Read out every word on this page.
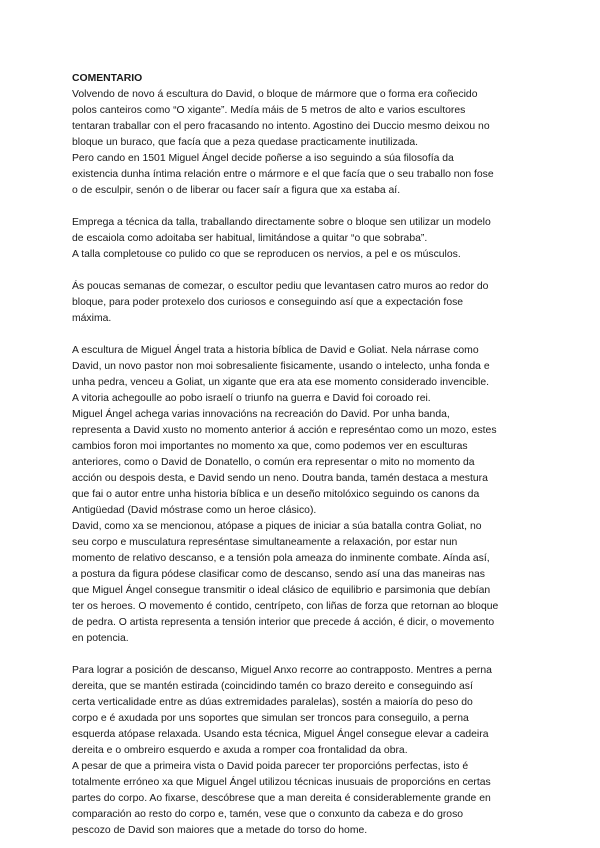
COMENTARIO
Volvendo de novo á escultura do David, o bloque de mármore que o forma era coñecido
polos canteiros como “O xigante”. Medía máis de 5 metros de alto e varios escultores
tentaran traballar con el pero fracasando no intento. Agostino dei Duccio mesmo deixou no
bloque un buraco, que facía que a peza quedase practicamente inutilizada.
Pero cando en 1501 Miguel Ángel decide poñerse a iso seguindo a súa filosofía da
existencia dunha íntima relación entre o mármore e el que facía que o seu traballo non fose
o de esculpir, senón o de liberar ou facer saír a figura que xa estaba aí.
Emprega a técnica da talla, traballando directamente sobre o bloque sen utilizar un modelo
de escaiola como adoitaba ser habitual, limitándose a quitar “o que sobraba”.
A talla completouse co pulido co que se reproducen os nervios, a pel e os músculos.
Ás poucas semanas de comezar, o escultor pediu que levantasen catro muros ao redor do
bloque, para poder protexelo dos curiosos e conseguindo así que a expectación fose
máxima.
A escultura de Miguel Ángel trata a historia bíblica de David e Goliat. Nela nárrase como
David, un novo pastor non moi sobresaliente fisicamente, usando o intelecto, unha fonda e
unha pedra, venceu a Goliat, un xigante que era ata ese momento considerado invencible.
A vitoria achegoulle ao pobo israelí o triunfo na guerra e David foi coroado rei.
Miguel Ángel achega varias innovacións na recreación do David. Por unha banda,
representa a David xusto no momento anterior á acción e represéntao como un mozo, estes
cambios foron moi importantes no momento xa que, como podemos ver en esculturas
anteriores, como o David de Donatello, o común era representar o mito no momento da
acción ou despois desta, e David sendo un neno. Doutra banda, tamén destaca a mestura
que fai o autor entre unha historia bíblica e un deseño mitolóxico seguindo os canons da
Antigüedad (David móstrase como un heroe clásico).
David, como xa se mencionou, atópase a piques de iniciar a súa batalla contra Goliat, no
seu corpo e musculatura represéntase simultaneamente a relaxación, por estar nun
momento de relativo descanso, e a tensión pola ameaza do inminente combate. Aínda así,
a postura da figura pódese clasificar como de descanso, sendo así una das maneiras nas
que Miguel Ángel consegue transmitir o ideal clásico de equilibrio e parsimonia que debían
ter os heroes. O movemento é contido, centrípeto, con liñas de forza que retornan ao bloque
de pedra. O artista representa a tensión interior que precede á acción, é dicir, o movemento
en potencia.
Para lograr a posición de descanso, Miguel Anxo recorre ao contrapposto. Mentres a perna
dereita, que se mantén estirada (coincidindo tamén co brazo dereito e conseguindo así
certa verticalidade entre as dúas extremidades paralelas), sostén a maioría do peso do
corpo e é axudada por uns soportes que simulan ser troncos para conseguilo, a perna
esquerda atópase relaxada. Usando esta técnica, Miguel Ángel consegue elevar a cadeira
dereita e o ombreiro esquerdo e axuda a romper coa frontalidad da obra.
A pesar de que a primeira vista o David poida parecer ter proporcións perfectas, isto é
totalmente erróneo xa que Miguel Ángel utilizou técnicas inusuais de proporcións en certas
partes do corpo. Ao fixarse, descóbrese que a man dereita é considerablemente grande en
comparación ao resto do corpo e, tamén, vese que o conxunto da cabeza e do groso
pescozo de David son maiores que a metade do torso do home.
